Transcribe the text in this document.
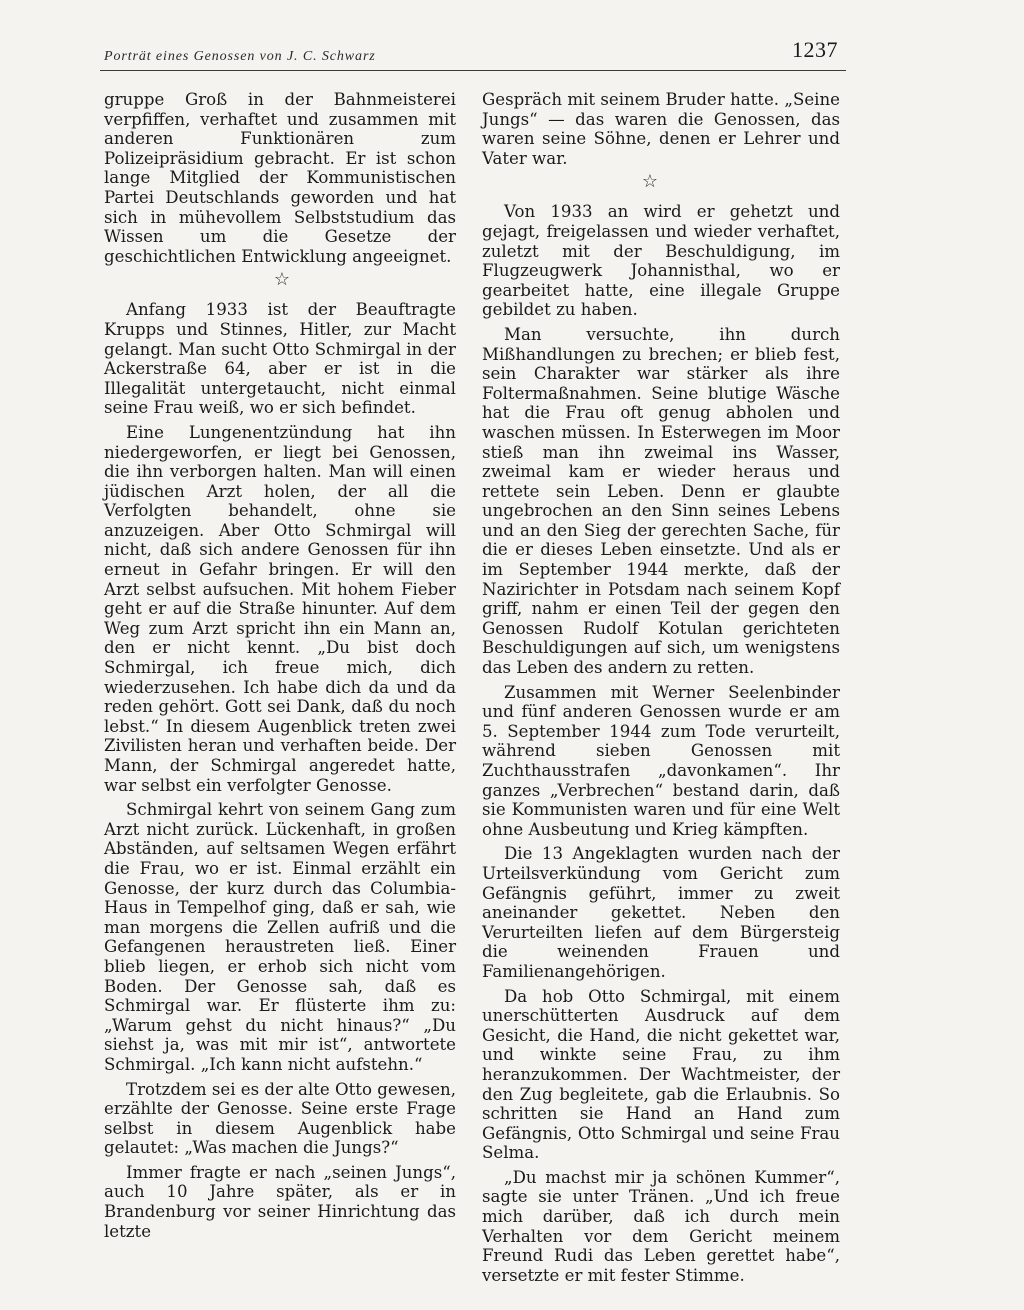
Porträt eines Genossen von J. C. Schwarz	1237

gruppe Groß in der Bahnmeisterei verpfiffen, verhaftet und zusammen mit anderen Funktionären zum Polizeipräsidium gebracht. Er ist schon lange Mitglied der Kommunistischen Partei Deutschlands geworden und hat sich in mühevollem Selbststudium das Wissen um die Gesetze der geschichtlichen Entwicklung angeeignet.

☆

Anfang 1933 ist der Beauftragte Krupps und Stinnes, Hitler, zur Macht gelangt. Man sucht Otto Schmirgal in der Ackerstraße 64, aber er ist in die Illegalität untergetaucht, nicht einmal seine Frau weiß, wo er sich befindet.

Eine Lungenentzündung hat ihn niedergeworfen, er liegt bei Genossen, die ihn verborgen halten. Man will einen jüdischen Arzt holen, der all die Verfolgten behandelt, ohne sie anzuzeigen. Aber Otto Schmirgal will nicht, daß sich andere Genossen für ihn erneut in Gefahr bringen. Er will den Arzt selbst aufsuchen. Mit hohem Fieber geht er auf die Straße hinunter. Auf dem Weg zum Arzt spricht ihn ein Mann an, den er nicht kennt. „Du bist doch Schmirgal, ich freue mich, dich wiederzusehen. Ich habe dich da und da reden gehört. Gott sei Dank, daß du noch lebst.“ In diesem Augenblick treten zwei Zivilisten heran und verhaften beide. Der Mann, der Schmirgal angeredet hatte, war selbst ein verfolgter Genosse.

Schmirgal kehrt von seinem Gang zum Arzt nicht zurück. Lückenhaft, in großen Abständen, auf seltsamen Wegen erfährt die Frau, wo er ist. Einmal erzählt ein Genosse, der kurz durch das Columbia-Haus in Tempelhof ging, daß er sah, wie man morgens die Zellen aufriß und die Gefangenen heraustreten ließ. Einer blieb liegen, er erhob sich nicht vom Boden. Der Genosse sah, daß es Schmirgal war. Er flüsterte ihm zu: „Warum gehst du nicht hinaus?“ „Du siehst ja, was mit mir ist“, antwortete Schmirgal. „Ich kann nicht aufstehn.“

Trotzdem sei es der alte Otto gewesen, erzählte der Genosse. Seine erste Frage selbst in diesem Augenblick habe gelautet: „Was machen die Jungs?“

Immer fragte er nach „seinen Jungs“, auch 10 Jahre später, als er in Brandenburg vor seiner Hinrichtung das letzte

Gespräch mit seinem Bruder hatte. „Seine Jungs“ — das waren die Genossen, das waren seine Söhne, denen er Lehrer und Vater war.

☆

Von 1933 an wird er gehetzt und gejagt, freigelassen und wieder verhaftet, zuletzt mit der Beschuldigung, im Flugzeugwerk Johannisthal, wo er gearbeitet hatte, eine illegale Gruppe gebildet zu haben.

Man versuchte, ihn durch Mißhandlungen zu brechen; er blieb fest, sein Charakter war stärker als ihre Foltermaßnahmen. Seine blutige Wäsche hat die Frau oft genug abholen und waschen müssen. In Esterwegen im Moor stieß man ihn zweimal ins Wasser, zweimal kam er wieder heraus und rettete sein Leben. Denn er glaubte ungebrochen an den Sinn seines Lebens und an den Sieg der gerechten Sache, für die er dieses Leben einsetzte. Und als er im September 1944 merkte, daß der Nazirichter in Potsdam nach seinem Kopf griff, nahm er einen Teil der gegen den Genossen Rudolf Kotulan gerichteten Beschuldigungen auf sich, um wenigstens das Leben des andern zu retten.

Zusammen mit Werner Seelenbinder und fünf anderen Genossen wurde er am 5. September 1944 zum Tode verurteilt, während sieben Genossen mit Zuchthausstrafen „davonkamen“. Ihr ganzes „Verbrechen“ bestand darin, daß sie Kommunisten waren und für eine Welt ohne Ausbeutung und Krieg kämpften.

Die 13 Angeklagten wurden nach der Urteilsverkündung vom Gericht zum Gefängnis geführt, immer zu zweit aneinander gekettet. Neben den Verurteilten liefen auf dem Bürgersteig die weinenden Frauen und Familienangehörigen.

Da hob Otto Schmirgal, mit einem unerschütterten Ausdruck auf dem Gesicht, die Hand, die nicht gekettet war, und winkte seine Frau, zu ihm heranzukommen. Der Wachtmeister, der den Zug begleitete, gab die Erlaubnis. So schritten sie Hand an Hand zum Gefängnis, Otto Schmirgal und seine Frau Selma.

„Du machst mir ja schönen Kummer“, sagte sie unter Tränen. „Und ich freue mich darüber, daß ich durch mein Verhalten vor dem Gericht meinem Freund Rudi das Leben gerettet habe“, versetzte er mit fester Stimme.
